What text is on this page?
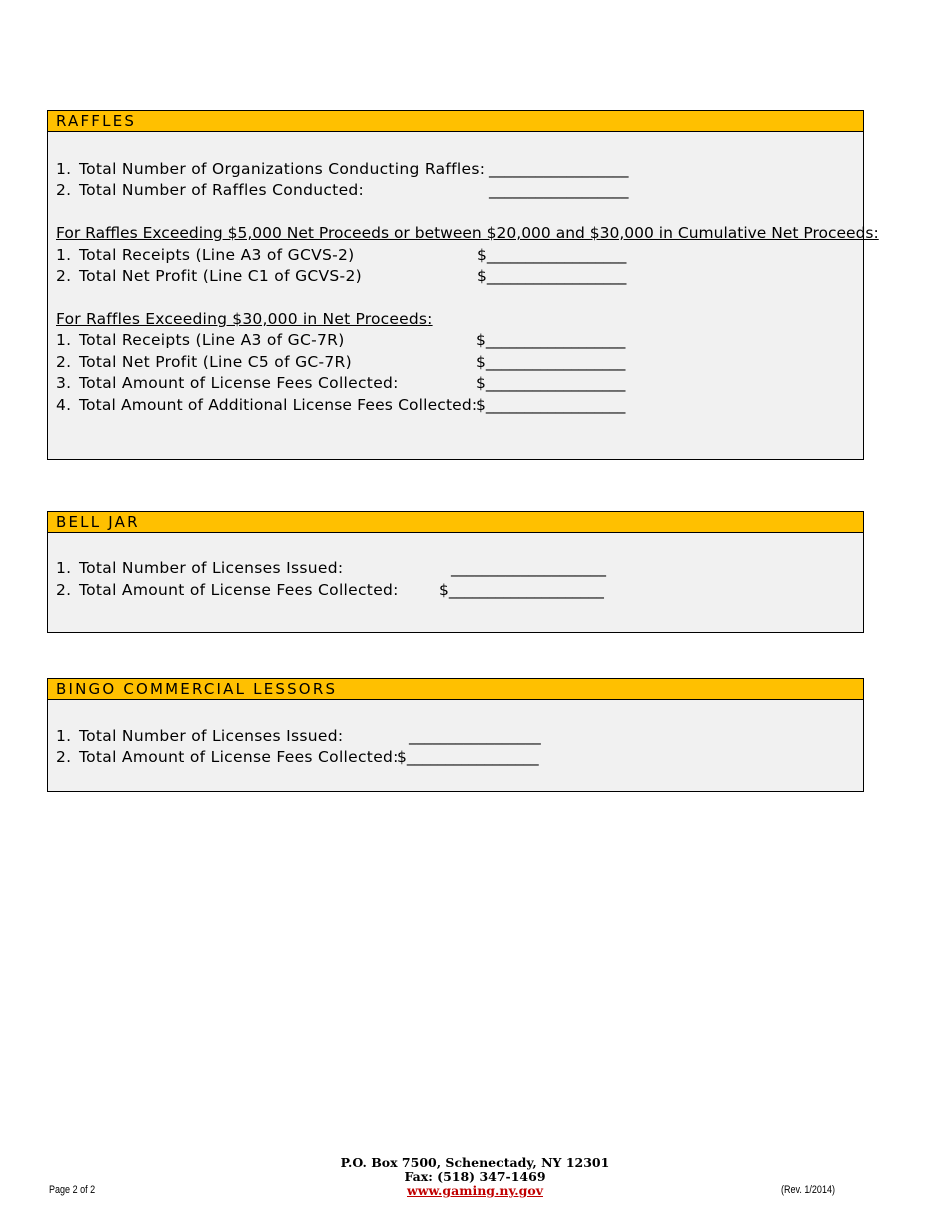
RAFFLES
1. Total Number of Organizations Conducting Raffles: __________________
2. Total Number of Raffles Conducted:	__________________
For Raffles Exceeding $5,000 Net Proceeds or between $20,000 and $30,000 in Cumulative Net Proceeds:
1. Total Receipts (Line A3 of GCVS-2)	$__________________
2. Total Net Profit (Line C1 of GCVS-2)	$__________________
For Raffles Exceeding $30,000 in Net Proceeds:
1. Total Receipts (Line A3 of GC-7R)	$__________________
2. Total Net Profit (Line C5 of GC-7R)	$__________________
3. Total Amount of License Fees Collected:	$__________________
4. Total Amount of Additional License Fees Collected:
$__________________
BELL JAR
1. Total Number of Licenses Issued:	____________________
2. Total Amount of License Fees Collected:	$____________________
BINGO COMMERCIAL LESSORS
1. Total Number of Licenses Issued:	_________________
2. Total Amount of License Fees Collected:
$_________________
P.O. Box 7500, Schenectady, NY 12301
Fax: (518) 347-1469
www.gaming.ny.gov
Page 2 of 2	(Rev. 1/2014)
